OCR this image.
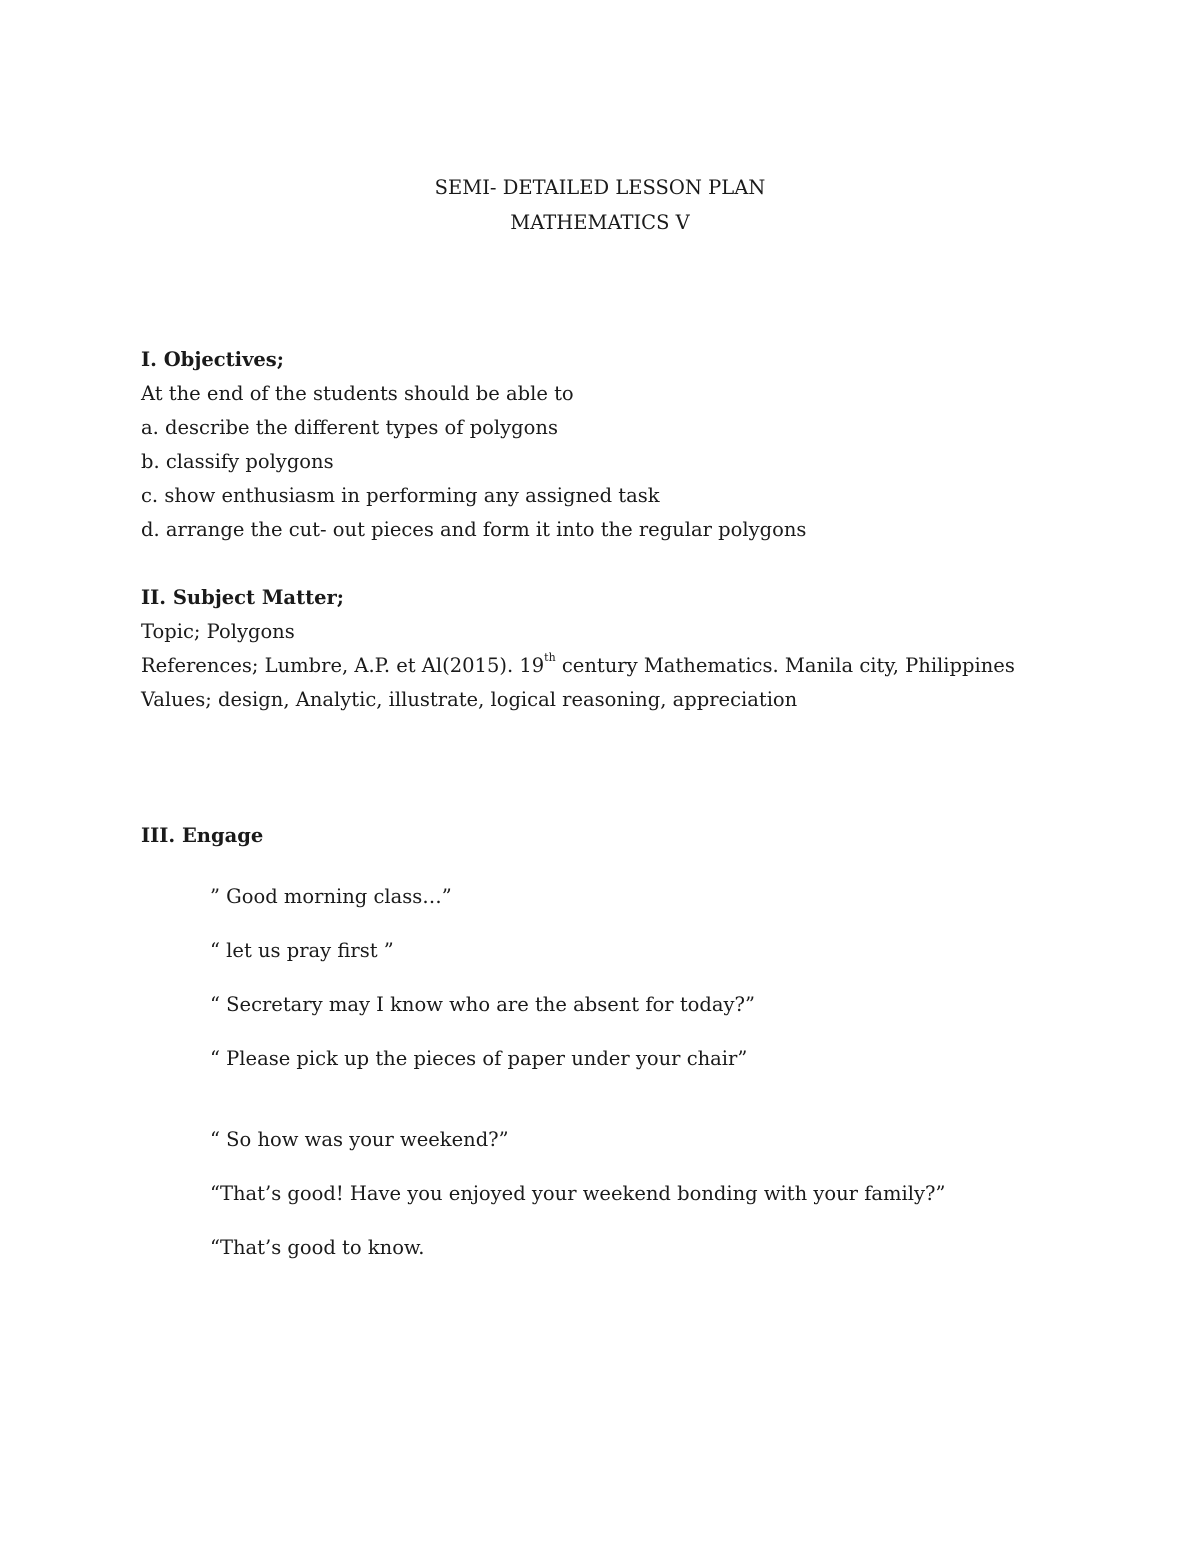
SEMI- DETAILED LESSON PLAN
MATHEMATICS V
I. Objectives;
At the end of the students should be able to
a. describe the different types of polygons
b. classify polygons
c. show enthusiasm in performing any assigned task
d. arrange the cut- out pieces and form it into the regular polygons
II. Subject Matter;
Topic; Polygons
References; Lumbre, A.P. et Al(2015). 19th century Mathematics. Manila city, Philippines
Values; design, Analytic, illustrate, logical reasoning, appreciation
III. Engage
” Good morning class…”
“ let us pray first ”
“ Secretary may I know who are the absent for today?”
“ Please pick up the pieces of paper under your chair”
“ So how was your weekend?”
“That’s good! Have you enjoyed your weekend bonding with your family?”
“That’s good to know.
